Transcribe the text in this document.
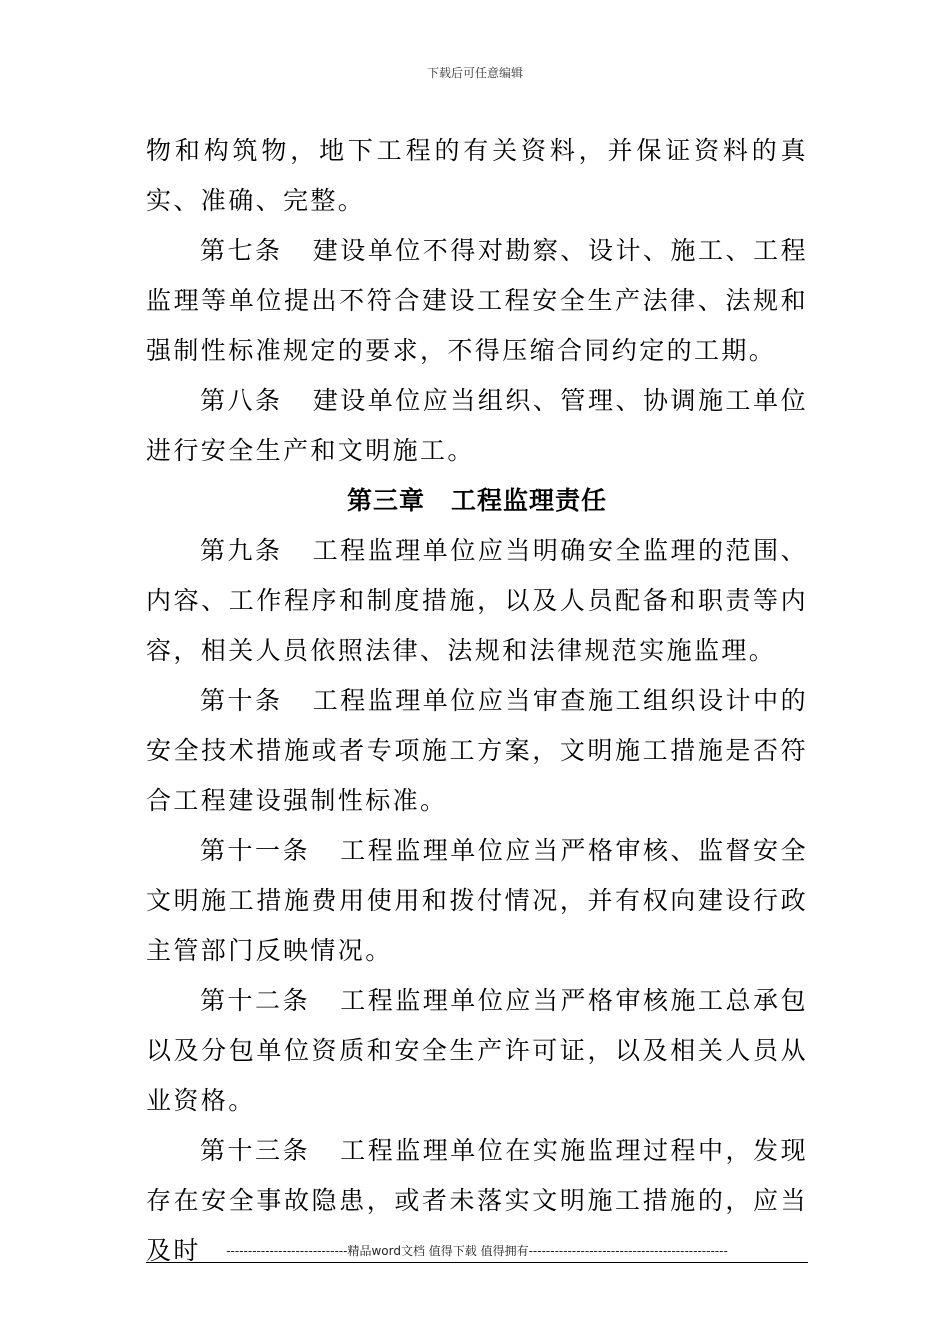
下载后可任意编辑

物和构筑物，地下工程的有关资料，并保证资料的真实、准确、完整。

第七条 建设单位不得对勘察、设计、施工、工程监理等单位提出不符合建设工程安全生产法律、法规和强制性标准规定的要求，不得压缩合同约定的工期。

第八条 建设单位应当组织、管理、协调施工单位进行安全生产和文明施工。

第三章 工程监理责任

第九条 工程监理单位应当明确安全监理的范围、内容、工作程序和制度措施，以及人员配备和职责等内容，相关人员依照法律、法规和法律规范实施监理。

第十条 工程监理单位应当审查施工组织设计中的安全技术措施或者专项施工方案，文明施工措施是否符合工程建设强制性标准。

第十一条 工程监理单位应当严格审核、监督安全文明施工措施费用使用和拨付情况，并有权向建设行政主管部门反映情况。

第十二条 工程监理单位应当严格审核施工总承包以及分包单位资质和安全生产许可证，以及相关人员从业资格。

第十三条 工程监理单位在实施监理过程中，发现存在安全事故隐患，或者未落实文明施工措施的，应当及时	----------------------------精品word文档 值得下载 值得拥有----------------------------------------------
